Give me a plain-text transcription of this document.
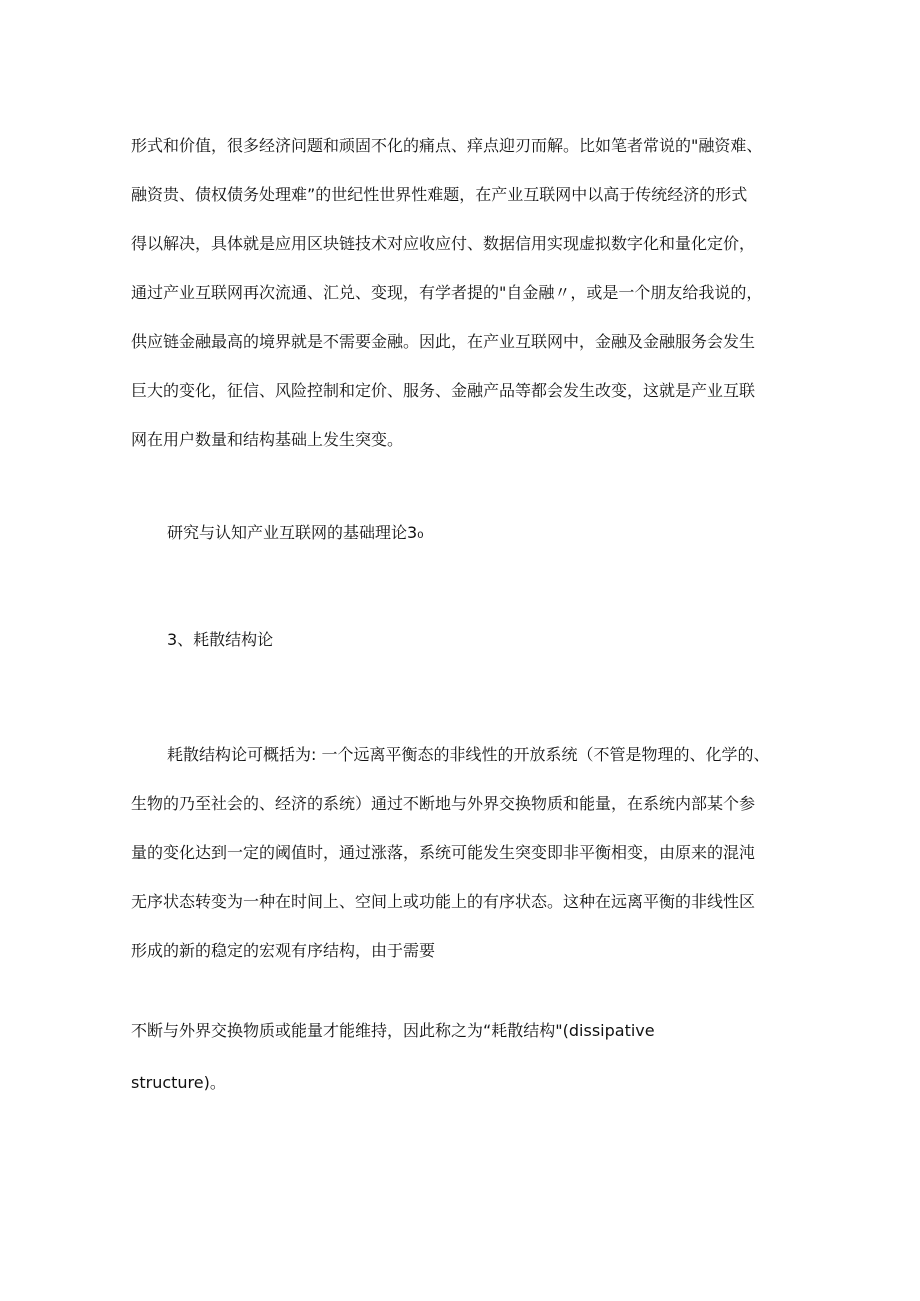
形式和价值，很多经济问题和顽固不化的痛点、痒点迎刃而解。比如笔者常说的"融资难、
融资贵、债权债务处理难”的世纪性世界性难题，在产业互联网中以高于传统经济的形式
得以解决，具体就是应用区块链技术对应收应付、数据信用实现虚拟数字化和量化定价，
通过产业互联网再次流通、汇兑、变现，有学者提的"自金融〃，或是一个朋友给我说的，
供应链金融最高的境界就是不需要金融。因此，在产业互联网中，金融及金融服务会发生
巨大的变化，征信、风险控制和定价、服务、金融产品等都会发生改变，这就是产业互联
网在用户数量和结构基础上发生突变。
研究与认知产业互联网的基础理论3₀
3、耗散结构论
耗散结构论可概括为: 一个远离平衡态的非线性的开放系统（不管是物理的、化学的、
生物的乃至社会的、经济的系统）通过不断地与外界交换物质和能量，在系统内部某个参
量的变化达到一定的阈值时，通过涨落，系统可能发生突变即非平衡相变，由原来的混沌
无序状态转变为一种在时间上、空间上或功能上的有序状态。这种在远离平衡的非线性区
形成的新的稳定的宏观有序结构，由于需要
不断与外界交换物质或能量才能维持，因此称之为“耗散结构"(dissipative
structure)。
